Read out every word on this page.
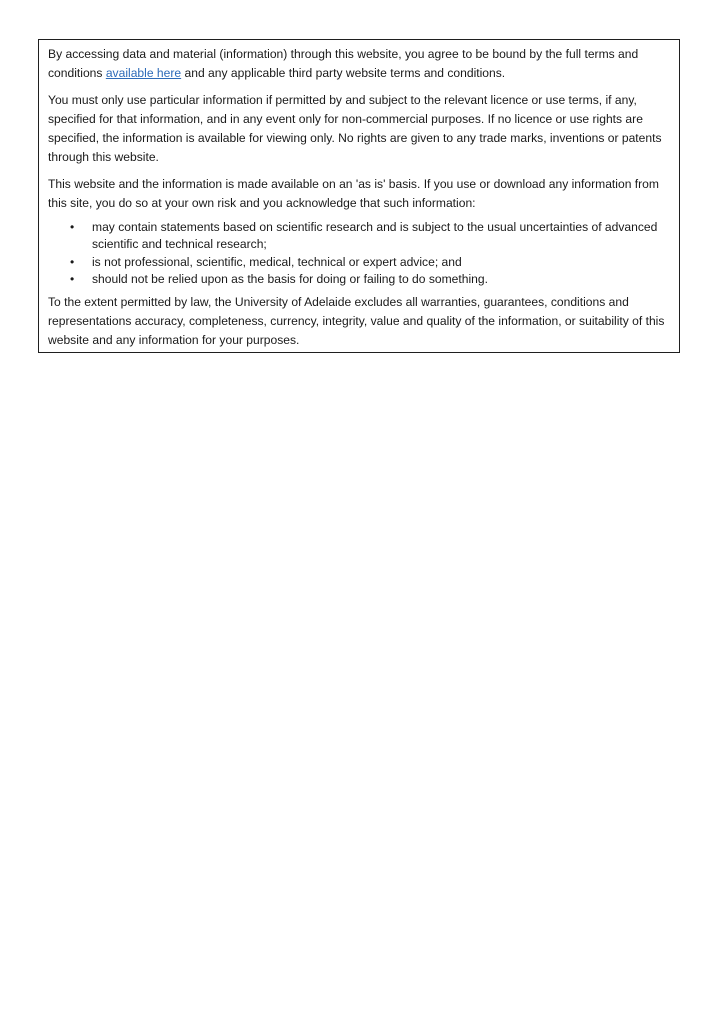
By accessing data and material (information) through this website, you agree to be bound by the full terms and conditions available here and any applicable third party website terms and conditions.

You must only use particular information if permitted by and subject to the relevant licence or use terms, if any, specified for that information, and in any event only for non-commercial purposes. If no licence or use rights are specified, the information is available for viewing only. No rights are given to any trade marks, inventions or patents through this website.

This website and the information is made available on an 'as is' basis. If you use or download any information from this site, you do so at your own risk and you acknowledge that such information:

• may contain statements based on scientific research and is subject to the usual uncertainties of advanced scientific and technical research;
• is not professional, scientific, medical, technical or expert advice; and
• should not be relied upon as the basis for doing or failing to do something.

To the extent permitted by law, the University of Adelaide excludes all warranties, guarantees, conditions and representations accuracy, completeness, currency, integrity, value and quality of the information, or suitability of this website and any information for your purposes.
